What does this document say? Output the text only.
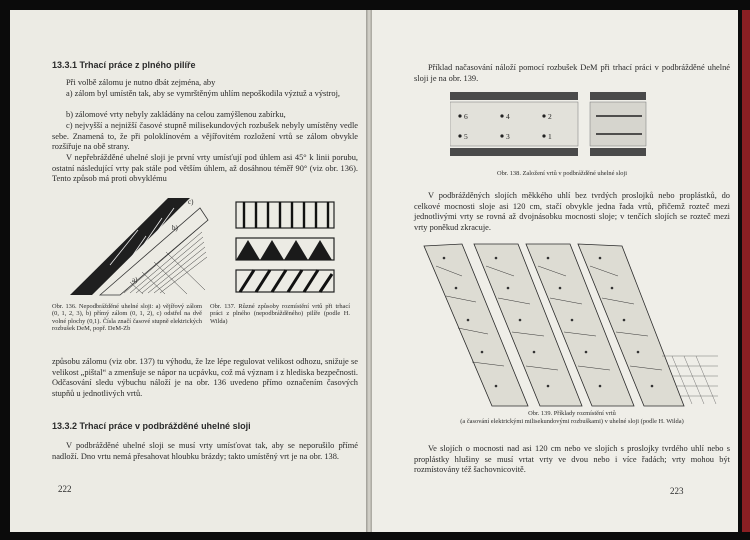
13.3.1 Trhací práce z plného pilíře

Při volbě zálomu je nutno dbát zejména, aby

a) zálom byl umístěn tak, aby se vymrštěným uhlím nepoškodila výztuž a výstroj,

b) zálomové vrty nebyly zakládány na celou zamýšlenou zabírku,

c) nejvyšší a nejnižší časové stupně milisekundových rozbušek nebyly umístěny vedle sebe. Znamená to, že při poloklínovém a vějířovitém rozložení vrtů se zálom obvykle rozšiřuje na obě strany.

V nepřebrážděné uhelné sloji je první vrty umísťují pod úhlem asi 45° k linii porubu, ostatní následující vrty pak stále pod větším úhlem, až dosáhnou téměř 90° (viz obr. 136). Tento způsob má proti obvyklému

c)
b)
a)

Obr. 136. Nepodbrážděné uhelné sloji: a) vějířový zálom (0, 1, 2, 3), b) přímý zálom (0, 1, 2), c) odstřel na dvě volné plochy (0,1). Čísla značí časové stupně elektrických rozbušek DeM, popř. DeM-Zb

Obr. 137. Různé způsoby rozmístění vrtů při trhací práci z plného (nepodbrážděného) pilíře (podle H. Wilda)

způsobu zálomu (viz obr. 137) tu výhodu, že lze lépe regulovat velikost odhozu, snižuje se velikost „pištal“ a zmenšuje se nápor na ucpávku, což má význam i z hlediska bezpečnosti. Odčasování sledu výbuchu náloží je na obr. 136 uvedeno přímo označením časových stupňů u jednotlivých vrtů.

13.3.2 Trhací práce v podbrážděné uhelné sloji

V podbrážděné uhelné sloji se musí vrty umísťovat tak, aby se neporušilo přímé nadloží. Dno vrtu nemá přesahovat hloubku brázdy; takto umístěný vrt je na obr. 138.

222

Příklad načasování náloží pomocí rozbušek DeM při trhací práci v podbrážděné uhelné sloji je na obr. 139.

6	4	2
5	3	1

Obr. 138. Založení vrtů v podbrážděné uhelné sloji

V podbrážděných slojích měkkého uhlí bez tvrdých proslojků nebo proplástků, do celkové mocnosti sloje asi 120 cm, stačí obvykle jedna řada vrtů, přičemž rozteč mezi jednotlivými vrty se rovná až dvojnásobku mocnosti sloje; v tenčích slojích se rozteč mezi vrty poněkud zkracuje.

Obr. 139. Příklady rozmístění vrtů

(a časování elektrickými milisekundovými rozbuškami) v uhelné sloji (podle H. Wilda)

Ve slojích o mocnosti nad asi 120 cm nebo ve slojích s proslojky tvrdého uhlí nebo s proplástky hlušiny se musí vrtat vrty ve dvou nebo i více řadách; vrty mohou být rozmístovány též šachovnicovitě.

223
